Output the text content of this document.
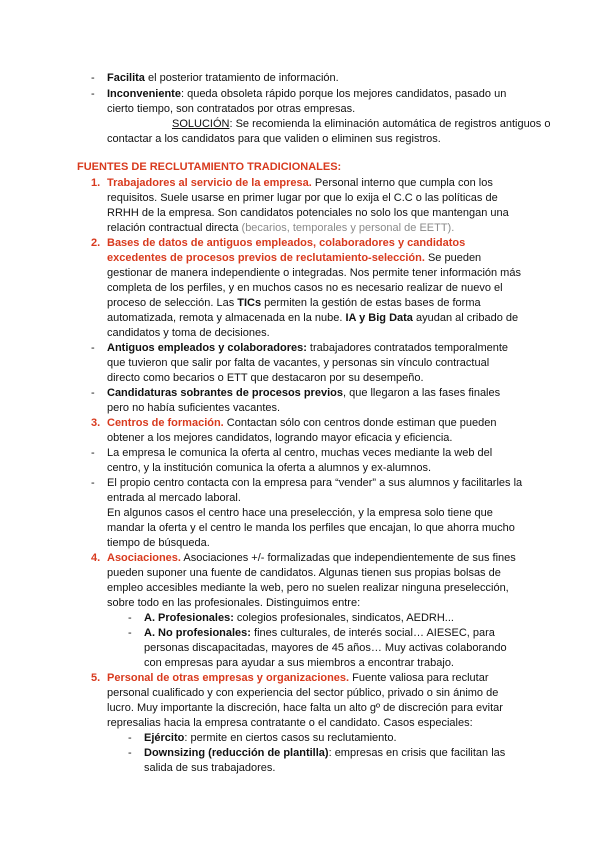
- Facilita el posterior tratamiento de información.
- Inconveniente: queda obsoleta rápido porque los mejores candidatos, pasado un
cierto tiempo, son contratados por otras empresas.
SOLUCIÓN: Se recomienda la eliminación automática de registros antiguos o
contactar a los candidatos para que validen o eliminen sus registros.
FUENTES DE RECLUTAMIENTO TRADICIONALES:
1. Trabajadores al servicio de la empresa. Personal interno que cumpla con los
requisitos. Suele usarse en primer lugar por que lo exija el C.C o las políticas de
RRHH de la empresa. Son candidatos potenciales no solo los que mantengan una
relación contractual directa (becarios, temporales y personal de EETT).
2. Bases de datos de antiguos empleados, colaboradores y candidatos
excedentes de procesos previos de reclutamiento-selección. Se pueden
gestionar de manera independiente o integradas. Nos permite tener información más
completa de los perfiles, y en muchos casos no es necesario realizar de nuevo el
proceso de selección. Las TICs permiten la gestión de estas bases de forma
automatizada, remota y almacenada en la nube. IA y Big Data ayudan al cribado de
candidatos y toma de decisiones.
- Antiguos empleados y colaboradores: trabajadores contratados temporalmente
que tuvieron que salir por falta de vacantes, y personas sin vínculo contractual
directo como becarios o ETT que destacaron por su desempeño.
- Candidaturas sobrantes de procesos previos, que llegaron a las fases finales
pero no había suficientes vacantes.
3. Centros de formación. Contactan sólo con centros donde estiman que pueden
obtener a los mejores candidatos, logrando mayor eficacia y eficiencia.
- La empresa le comunica la oferta al centro, muchas veces mediante la web del
centro, y la institución comunica la oferta a alumnos y ex-alumnos.
- El propio centro contacta con la empresa para “vender” a sus alumnos y facilitarles la
entrada al mercado laboral.
En algunos casos el centro hace una preselección, y la empresa solo tiene que
mandar la oferta y el centro le manda los perfiles que encajan, lo que ahorra mucho
tiempo de búsqueda.
4. Asociaciones. Asociaciones +/- formalizadas que independientemente de sus fines
pueden suponer una fuente de candidatos. Algunas tienen sus propias bolsas de
empleo accesibles mediante la web, pero no suelen realizar ninguna preselección,
sobre todo en las profesionales. Distinguimos entre:
- A. Profesionales: colegios profesionales, sindicatos, AEDRH...
- A. No profesionales: fines culturales, de interés social… AIESEC, para
personas discapacitadas, mayores de 45 años… Muy activas colaborando
con empresas para ayudar a sus miembros a encontrar trabajo.
5. Personal de otras empresas y organizaciones. Fuente valiosa para reclutar
personal cualificado y con experiencia del sector público, privado o sin ánimo de
lucro. Muy importante la discreción, hace falta un alto gº de discreción para evitar
represalias hacia la empresa contratante o el candidato. Casos especiales:
- Ejército: permite en ciertos casos su reclutamiento.
- Downsizing (reducción de plantilla): empresas en crisis que facilitan las
salida de sus trabajadores.
